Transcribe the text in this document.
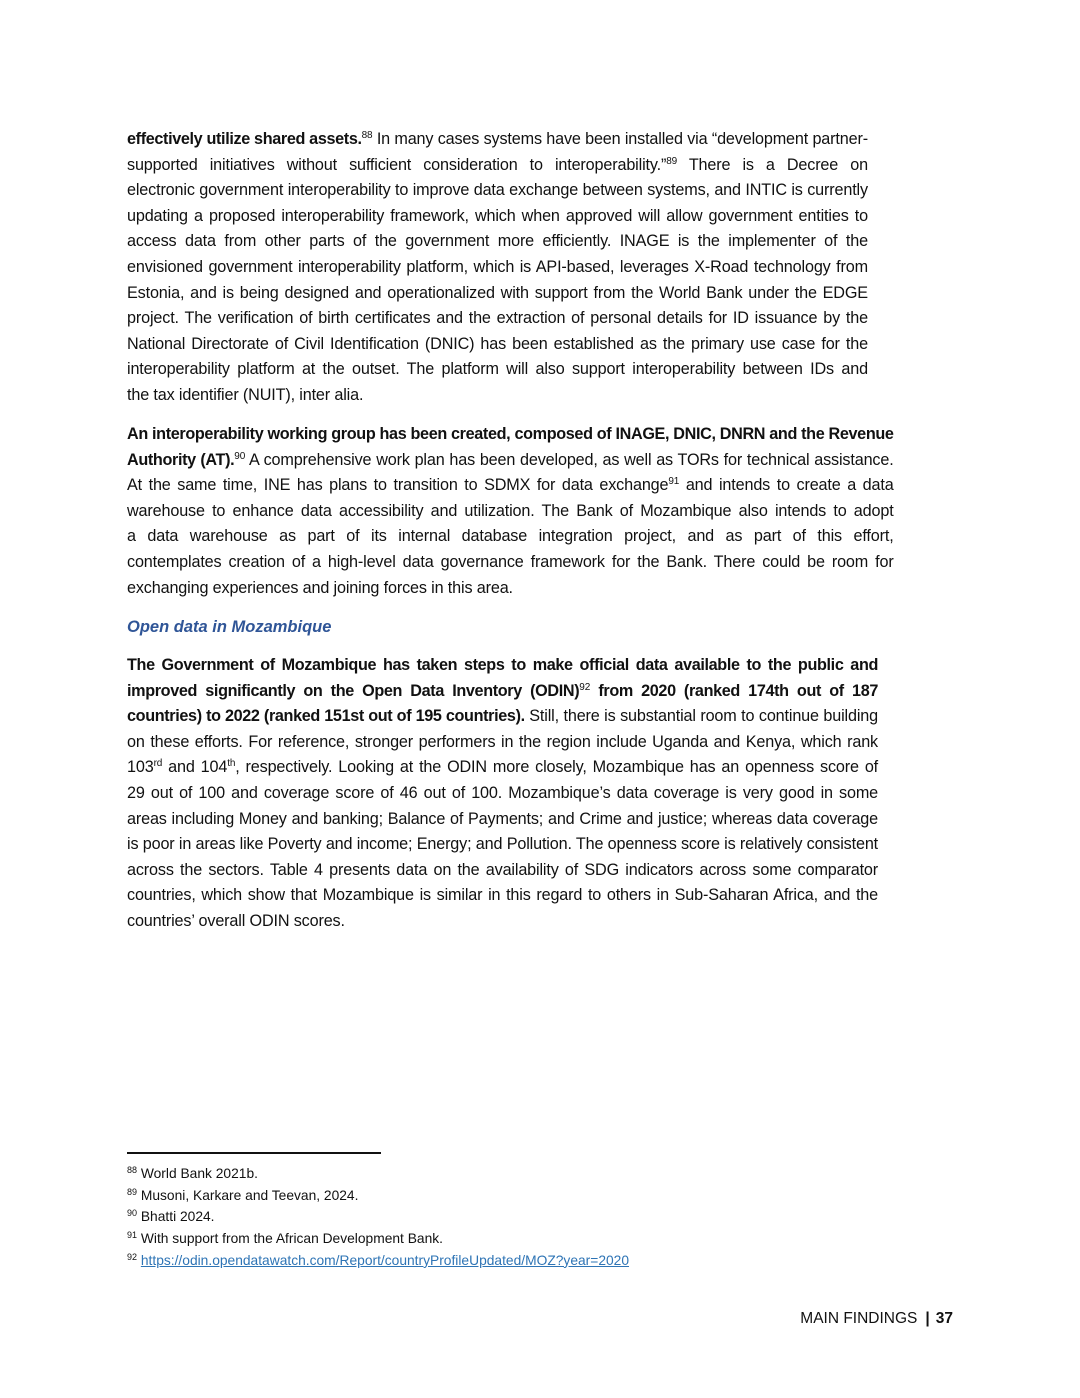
effectively utilize shared assets.$^{88}$ In many cases systems have been installed via “development partner-
supported initiatives without sufficient consideration to interoperability.”$^{89}$ There is a Decree on
electronic government interoperability to improve data exchange between systems, and INTIC is currently
updating a proposed interoperability framework, which when approved will allow government entities to
access data from other parts of the government more efficiently. INAGE is the implementer of the
envisioned government interoperability platform, which is API-based, leverages X-Road technology from
Estonia, and is being designed and operationalized with support from the World Bank under the EDGE
project. The verification of birth certificates and the extraction of personal details for ID issuance by the
National Directorate of Civil Identification (DNIC) has been established as the primary use case for the
interoperability platform at the outset. The platform will also support interoperability between IDs and
the tax identifier (NUIT), inter alia.
An interoperability working group has been created, composed of INAGE, DNIC, DNRN and the Revenue
Authority (AT).$^{90}$ A comprehensive work plan has been developed, as well as TORs for technical assistance.
At the same time, INE has plans to transition to SDMX for data exchange$^{91}$ and intends to create a data
warehouse to enhance data accessibility and utilization. The Bank of Mozambique also intends to adopt
a data warehouse as part of its internal database integration project, and as part of this effort,
contemplates creation of a high-level data governance framework for the Bank. There could be room for
exchanging experiences and joining forces in this area.
Open data in Mozambique
The Government of Mozambique has taken steps to make official data available to the public and
improved significantly on the Open Data Inventory (ODIN)$^{92}$ from 2020 (ranked 174th out of 187
countries) to 2022 (ranked 151st out of 195 countries). Still, there is substantial room to continue building
on these efforts. For reference, stronger performers in the region include Uganda and Kenya, which rank
103rd and 104th, respectively. Looking at the ODIN more closely, Mozambique has an openness score of
29 out of 100 and coverage score of 46 out of 100. Mozambique’s data coverage is very good in some
areas including Money and banking; Balance of Payments; and Crime and justice; whereas data coverage
is poor in areas like Poverty and income; Energy; and Pollution. The openness score is relatively consistent
across the sectors. Table 4 presents data on the availability of SDG indicators across some comparator
countries, which show that Mozambique is similar in this regard to others in Sub-Saharan Africa, and the
countries’ overall ODIN scores.
$^{88}$ World Bank 2021b.
$^{89}$ Musoni, Karkare and Teevan, 2024.
$^{90}$ Bhatti 2024.
$^{91}$ With support from the African Development Bank.
$^{92}$ https://odin.opendatawatch.com/Report/countryProfileUpdated/MOZ?year=2020
MAIN FINDINGS | 37
